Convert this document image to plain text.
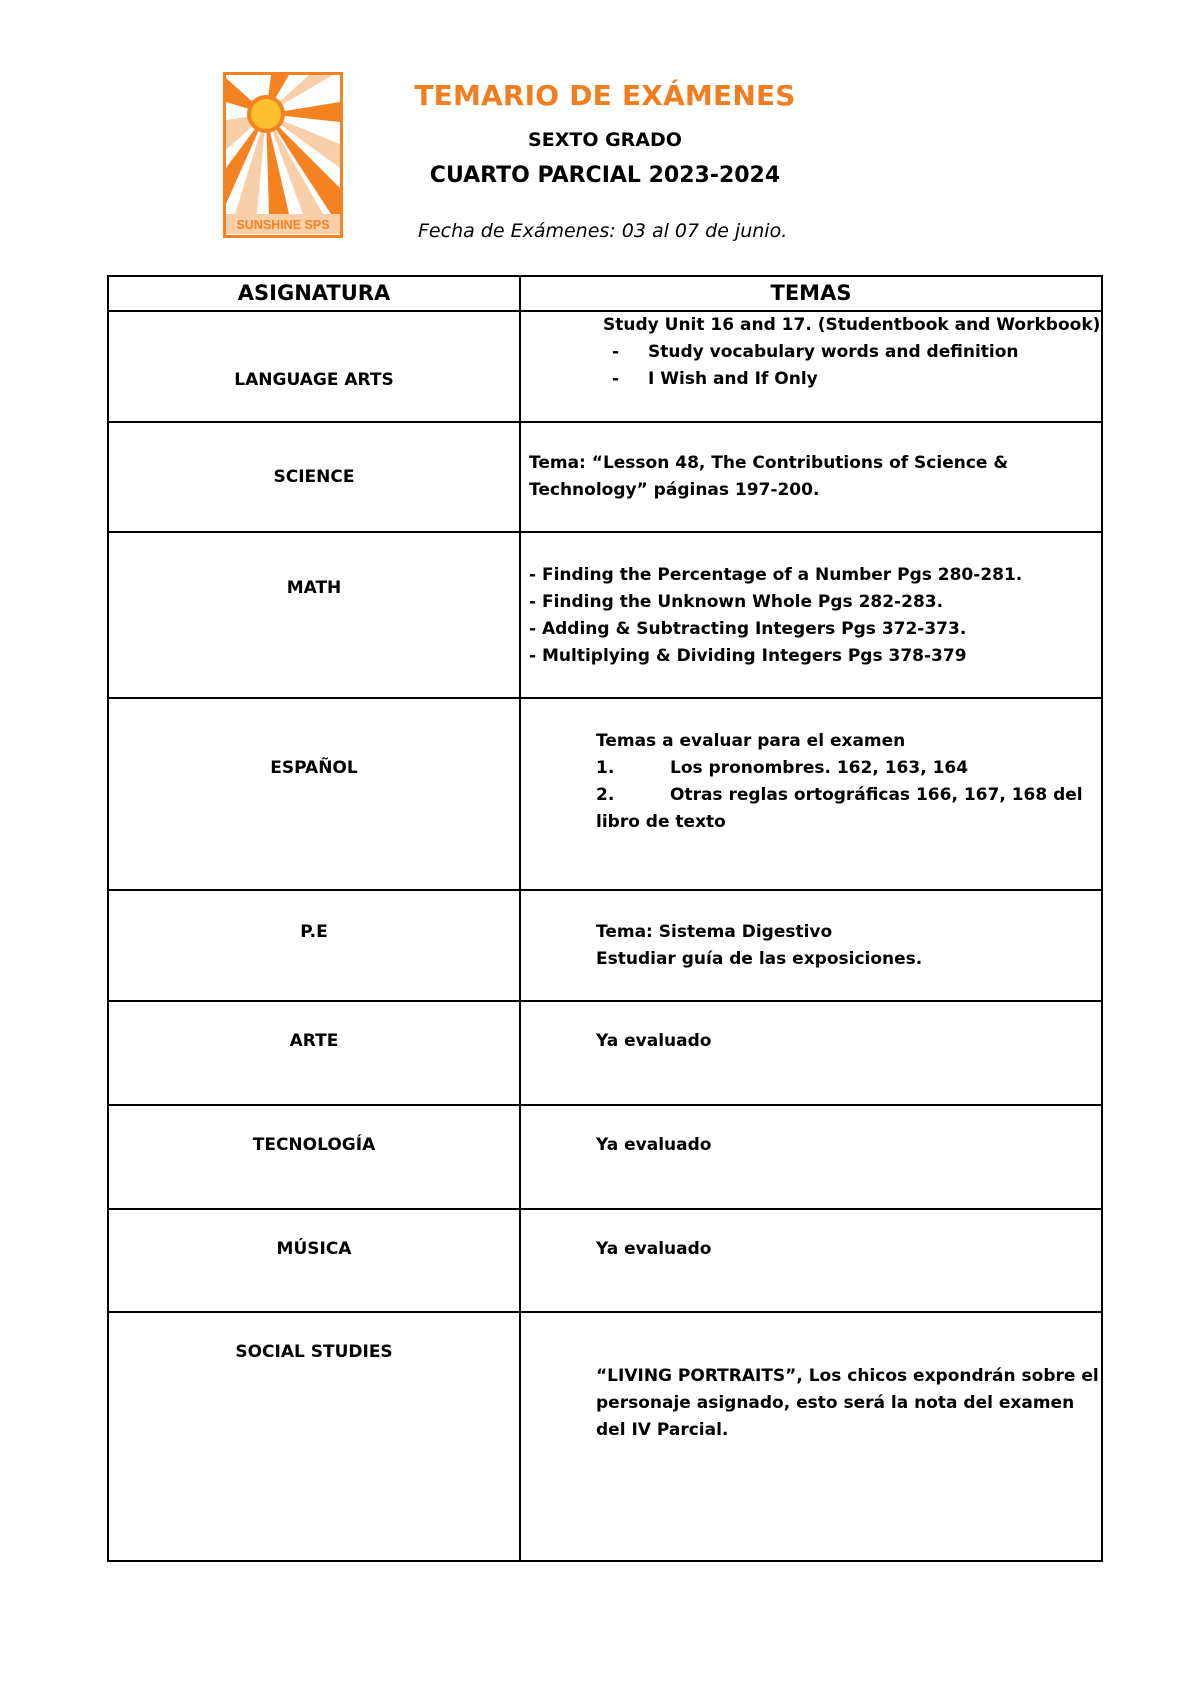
SUNSHINE SPS
TEMARIO DE EXÁMENES
SEXTO GRADO
CUARTO PARCIAL 2023-2024
Fecha de Exámenes: 03 al 07 de junio.
ASIGNATURA	TEMAS
LANGUAGE ARTS	Study Unit 16 and 17. (Studentbook and Workbook)
- Study vocabulary words and definition
- I Wish and If Only

SCIENCE	Tema: “Lesson 48, The Contributions of Science &
Technology” páginas 197-200.

MATH	- Finding the Percentage of a Number Pgs 280-281.
- Finding the Unknown Whole Pgs 282-283.
- Adding & Subtracting Integers Pgs 372-373.
- Multiplying & Dividing Integers Pgs 378-379

ESPAÑOL	Temas a evaluar para el examen
1. Los pronombres. 162, 163, 164
2. Otras reglas ortográficas 166, 167, 168 del
libro de texto

P.E	Tema: Sistema Digestivo
Estudiar guía de las exposiciones.

ARTE	Ya evaluado
TECNOLOGÍA	Ya evaluado
MÚSICA	Ya evaluado
SOCIAL STUDIES	“LIVING PORTRAITS”, Los chicos expondrán sobre el
personaje asignado, esto será la nota del examen
del IV Parcial.
